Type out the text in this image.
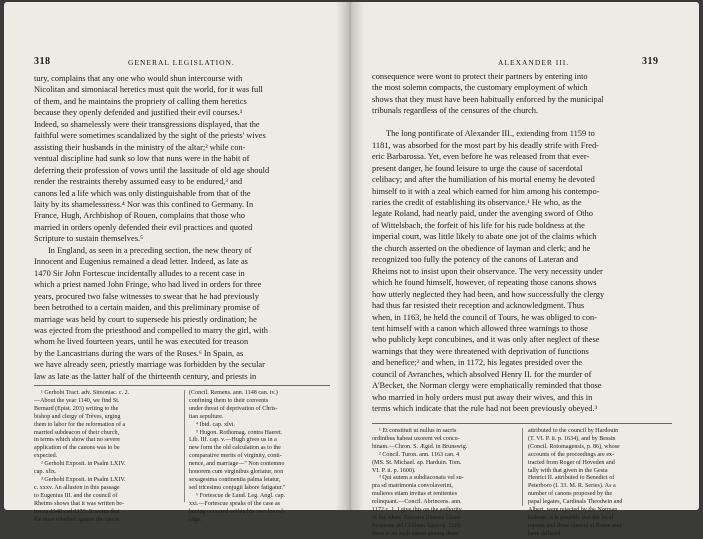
318	GENERAL LEGISLATION.
tury, complains that any one who would shun intercourse with
Nicolitan and simoniacal heretics must quit the world, for it was full
of them, and he maintains the propriety of calling them heretics
because they openly defended and justified their evil courses.¹
Indeed, so shamelessly were their transgressions displayed, that the
faithful were sometimes scandalized by the sight of the priests' wives
assisting their husbands in the ministry of the altar;² while con-
ventual discipline had sunk so low that nuns were in the habit of
deferring their profession of vows until the lassitude of old age should
render the restraints thereby assumed easy to be endured,³ and
canons led a life which was only distinguishable from that of the
laity by its shamelessness.⁴ Nor was this confined to Germany. In
France, Hugh, Archbishop of Rouen, complains that those who
married in orders openly defended their evil practices and quoted
Scripture to sustain themselves.⁵
In England, as seen in a preceding section, the new theory of
Innocent and Eugenius remained a dead letter. Indeed, as late as
1470 Sir John Fortescue incidentally alludes to a recent case in
which a priest named John Fringe, who had lived in orders for three
years, procured two false witnesses to swear that he had previously
been betrothed to a certain maiden, and this preliminary promise of
marriage was held by court to supersede his priestly ordination; he
was ejected from the priesthood and compelled to marry the girl, with
whom he lived fourteen years, until he was executed for treason
by the Lancastrians during the wars of the Roses.⁶ In Spain, as
we have already seen, priestly marriage was forbidden by the secular
law as late as the latter half of the thirteenth century, and priests in
¹ Gerhohi Tract. adv. Simoniac. c. 2.
—About the year 1140, we find St.
Bernard (Epist. 203) writing to the
bishop and clergy of Trèves, urging
them to labor for the reformation of a
married subdeacon of their church,
in terms which show that no severe
application of the canons was to be
expected.
² Gerhohi Exposit. in Psalm LXIV.
cap. xlix.
³ Gerhohi Exposit. in Psalm LXIV.
c. xxxv. An allusion in this passage
to Eugenius III. and the council of
Rheims shows that it was written be-
tween 1148 and 1153. It seems that
the nuns rebelled against the canon
(Concil. Remens. ann. 1148 can. iv.)
confining them to their convents
under threat of deprivation of Chris-
tian sepulture.
⁴ Ibid. cap. xlvi.
⁵ Hugon. Rothomag. contra Haeret.
Lib. III. cap. v.—Hugh gives us in a
new form the old calculation as to the
comparative merits of virginity, conti-
nence, and marriage—" Non contemno
honorem cum virginibus gloriatur, non
sexagesima continentia palma letatur,
sed tricesimo conjugii labore fatigatur."
⁶ Fortescue de Laud. Leg. Angl. cap.
xxi.—Fortescue speaks of the case as
having occurred within his own knowl-
edge.
ALEXANDER III.	319
consequence were wont to protect their partners by entering into
the most solemn compacts, the customary employment of which
shows that they must have been habitually enforced by the municipal
tribunals regardless of the censures of the church.

The long pontificate of Alexander III., extending from 1159 to
1181, was absorbed for the most part by his deadly strife with Fred-
eric Barbarossa. Yet, even before he was released from that ever-
present danger, he found leisure to urge the cause of sacerdotal
celibacy; and after the humiliation of his mortal enemy he devoted
himself to it with a zeal which earned for him among his contempo-
raries the credit of establishing its observance.¹ He who, as the
legate Roland, had nearly paid, under the avenging sword of Otho
of Wittelsbach, the forfeit of his life for his rude boldness at the
imperial court, was little likely to abate one jot of the claims which
the church asserted on the obedience of layman and clerk; and he
recognized too fully the potency of the canons of Lateran and
Rheims not to insist upon their observance. The very necessity under
which he found himself, however, of repeating those canons shows
how utterly neglected they had been, and how successfully the clergy
had thus far resisted their reception and acknowledgment. Thus
when, in 1163, he held the council of Tours, he was obliged to con-
tent himself with a canon which allowed three warnings to those
who publicly kept concubines, and it was only after neglect of these
warnings that they were threatened with deprivation of functions
and benefice;² and when, in 1172, his legates presided over the
council of Avranches, which absolved Henry II. for the murder of
A'Becket, the Norman clergy were emphatically reminded that those
who married in holy orders must put away their wives, and this in
terms which indicate that the rule had not been previously obeyed.³
¹ Et constituit ut nullus in sacris
ordinibus habeat uxorem vel concu-
binam.—Chron. S. Ægid. in Brunswig.
² Concil. Turon. ann. 1163 can. 4
(MS. St. Michael. ap. Harduin. Tom.
VI. P. ii. p. 1600).
³ Qui autem a subdiaconatu vel su-
pra sd matrimonia convolaverint,
mulieres etiam invitas et renitentes
relinquant.—Concil. Abrincens. ann.
1172 c. 1. I give this on the authority
of the Abate Zaccaria (Nuova Giusti-
ficazione del Celibato Sacro p. 120);
there is no such canon among those
attributed to the council by Hardouin
(T. VI. P. ii. p. 1634), and by Bessin
(Concil. Rotomagensis, p. 86), whose
accounts of the proceedings are ex-
tracted from Roger of Hoveden and
tally with that given in the Gesta
Henrici II. attributed to Benedict of
Peterboro (I. 33. M. R. Series). As a
number of canons proposed by the
papal legates, Cardinals Theodwin and
Albert, were rejected by the Norman
bishops, it is possible that the local
reports and those current at Rome may
have differed.
